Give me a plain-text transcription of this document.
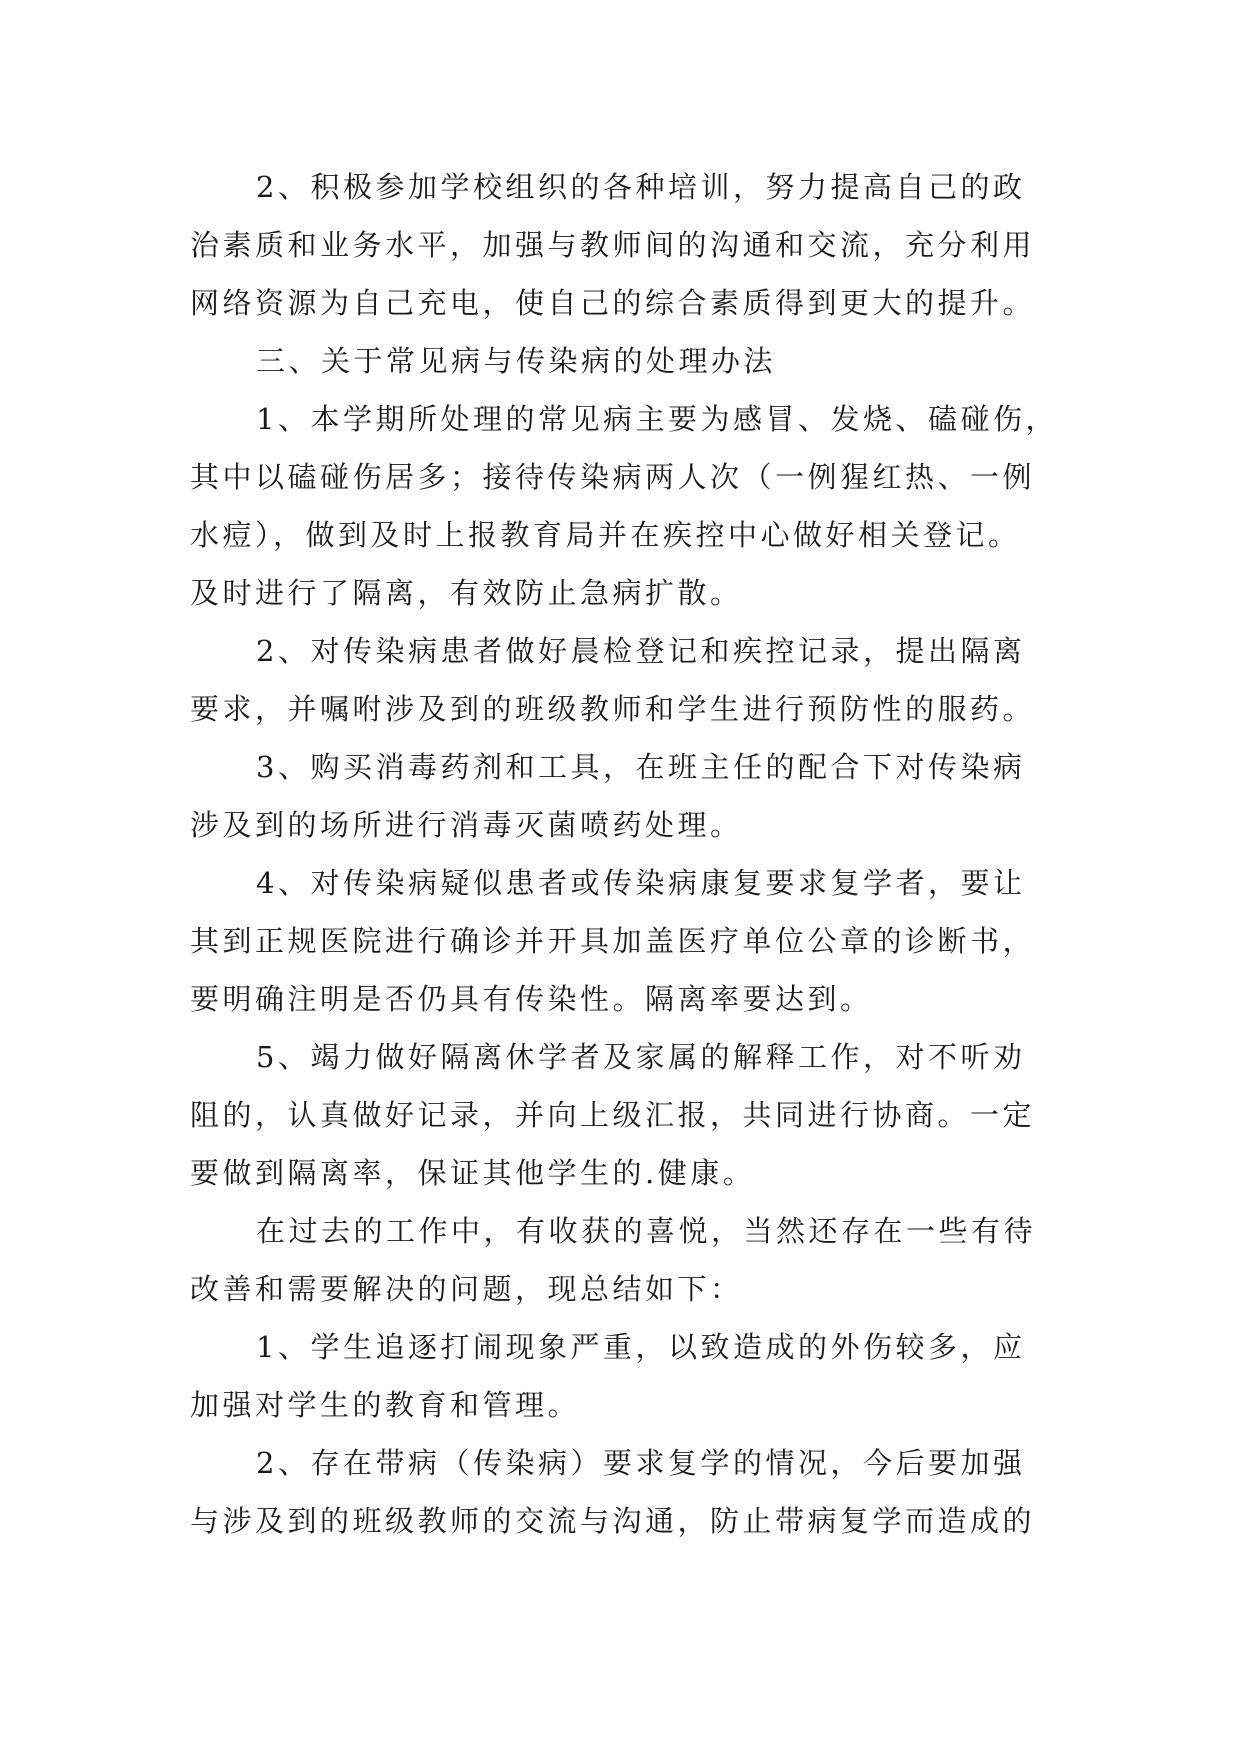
2、积极参加学校组织的各种培训，努力提高自己的政
治素质和业务水平，加强与教师间的沟通和交流，充分利用
网络资源为自己充电，使自己的综合素质得到更大的提升。
三、关于常见病与传染病的处理办法
1、本学期所处理的常见病主要为感冒、发烧、磕碰伤，
其中以磕碰伤居多；接待传染病两人次（一例猩红热、一例
水痘），做到及时上报教育局并在疾控中心做好相关登记。
及时进行了隔离，有效防止急病扩散。
2、对传染病患者做好晨检登记和疾控记录，提出隔离
要求，并嘱咐涉及到的班级教师和学生进行预防性的服药。
3、购买消毒药剂和工具，在班主任的配合下对传染病
涉及到的场所进行消毒灭菌喷药处理。
4、对传染病疑似患者或传染病康复要求复学者，要让
其到正规医院进行确诊并开具加盖医疗单位公章的诊断书，
要明确注明是否仍具有传染性。隔离率要达到。
5、竭力做好隔离休学者及家属的解释工作，对不听劝
阻的，认真做好记录，并向上级汇报，共同进行协商。一定
要做到隔离率，保证其他学生的.健康。
在过去的工作中，有收获的喜悦，当然还存在一些有待
改善和需要解决的问题，现总结如下：
1、学生追逐打闹现象严重，以致造成的外伤较多，应
加强对学生的教育和管理。
2、存在带病（传染病）要求复学的情况，今后要加强
与涉及到的班级教师的交流与沟通，防止带病复学而造成的
